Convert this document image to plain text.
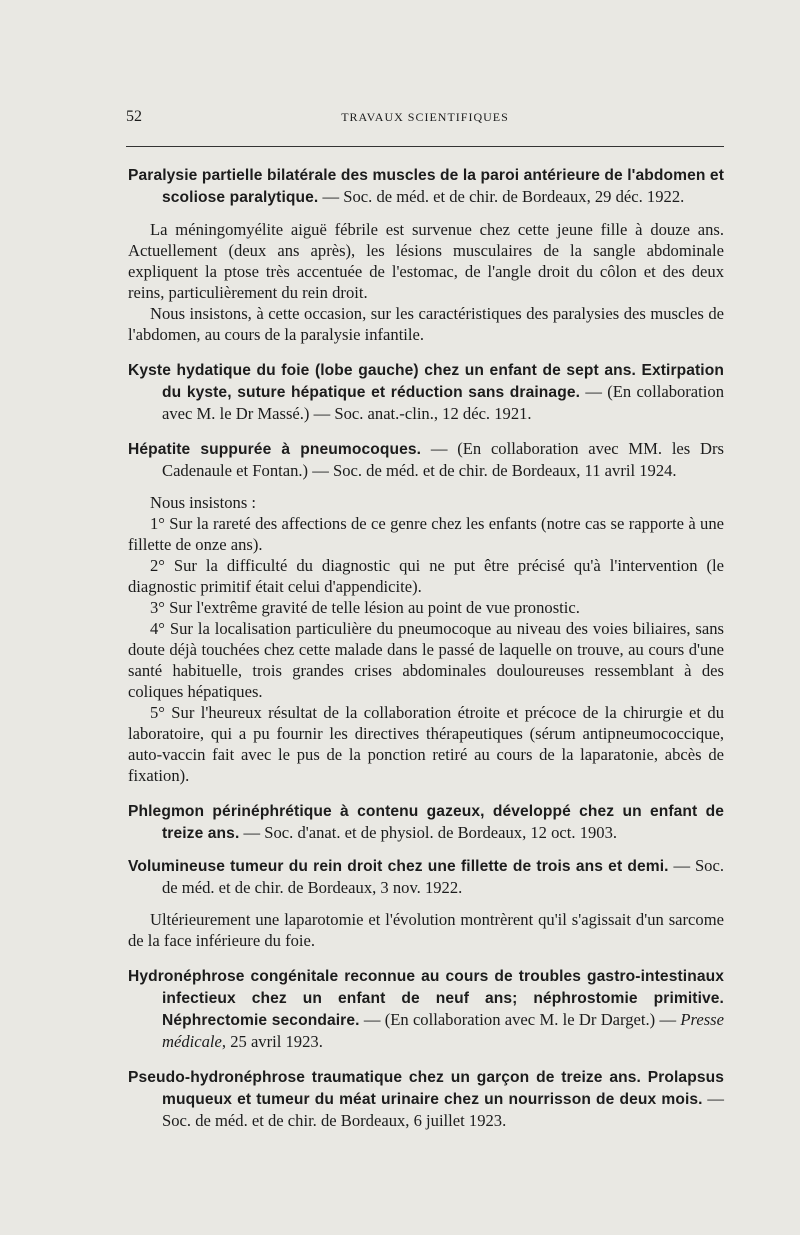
52	TRAVAUX SCIENTIFIQUES

Paralysie partielle bilatérale des muscles de la paroi antérieure de l'abdomen et scoliose paralytique. — Soc. de méd. et de chir. de Bordeaux, 29 déc. 1922.

La méningomyélite aiguë fébrile est survenue chez cette jeune fille à douze ans. Actuellement (deux ans après), les lésions musculaires de la sangle abdominale expliquent la ptose très accentuée de l'estomac, de l'angle droit du côlon et des deux reins, particulièrement du rein droit.

Nous insistons, à cette occasion, sur les caractéristiques des paralysies des muscles de l'abdomen, au cours de la paralysie infantile.

Kyste hydatique du foie (lobe gauche) chez un enfant de sept ans. Extirpation du kyste, suture hépatique et réduction sans drainage. — (En collaboration avec M. le Dr Massé.) — Soc. anat.-clin., 12 déc. 1921.

Hépatite suppurée à pneumocoques. — (En collaboration avec MM. les Drs Cadenaule et Fontan.) — Soc. de méd. et de chir. de Bordeaux, 11 avril 1924.

Nous insistons :

1° Sur la rareté des affections de ce genre chez les enfants (notre cas se rapporte à une fillette de onze ans).

2° Sur la difficulté du diagnostic qui ne put être précisé qu'à l'intervention (le diagnostic primitif était celui d'appendicite).

3° Sur l'extrême gravité de telle lésion au point de vue pronostic.

4° Sur la localisation particulière du pneumocoque au niveau des voies biliaires, sans doute déjà touchées chez cette malade dans le passé de laquelle on trouve, au cours d'une santé habituelle, trois grandes crises abdominales douloureuses ressemblant à des coliques hépatiques.

5° Sur l'heureux résultat de la collaboration étroite et précoce de la chirurgie et du laboratoire, qui a pu fournir les directives thérapeutiques (sérum antipneumococcique, auto-vaccin fait avec le pus de la ponction retiré au cours de la laparatonie, abcès de fixation).

Phlegmon périnéphrétique à contenu gazeux, développé chez un enfant de treize ans. — Soc. d'anat. et de physiol. de Bordeaux, 12 oct. 1903.

Volumineuse tumeur du rein droit chez une fillette de trois ans et demi. — Soc. de méd. et de chir. de Bordeaux, 3 nov. 1922.

Ultérieurement une laparotomie et l'évolution montrèrent qu'il s'agissait d'un sarcome de la face inférieure du foie.

Hydronéphrose congénitale reconnue au cours de troubles gastro-intestinaux infectieux chez un enfant de neuf ans; néphrostomie primitive. Néphrectomie secondaire. — (En collaboration avec M. le Dr Darget.) — Presse médicale, 25 avril 1923.

Pseudo-hydronéphrose traumatique chez un garçon de treize ans. Prolapsus muqueux et tumeur du méat urinaire chez un nourrisson de deux mois. — Soc. de méd. et de chir. de Bordeaux, 6 juillet 1923.
